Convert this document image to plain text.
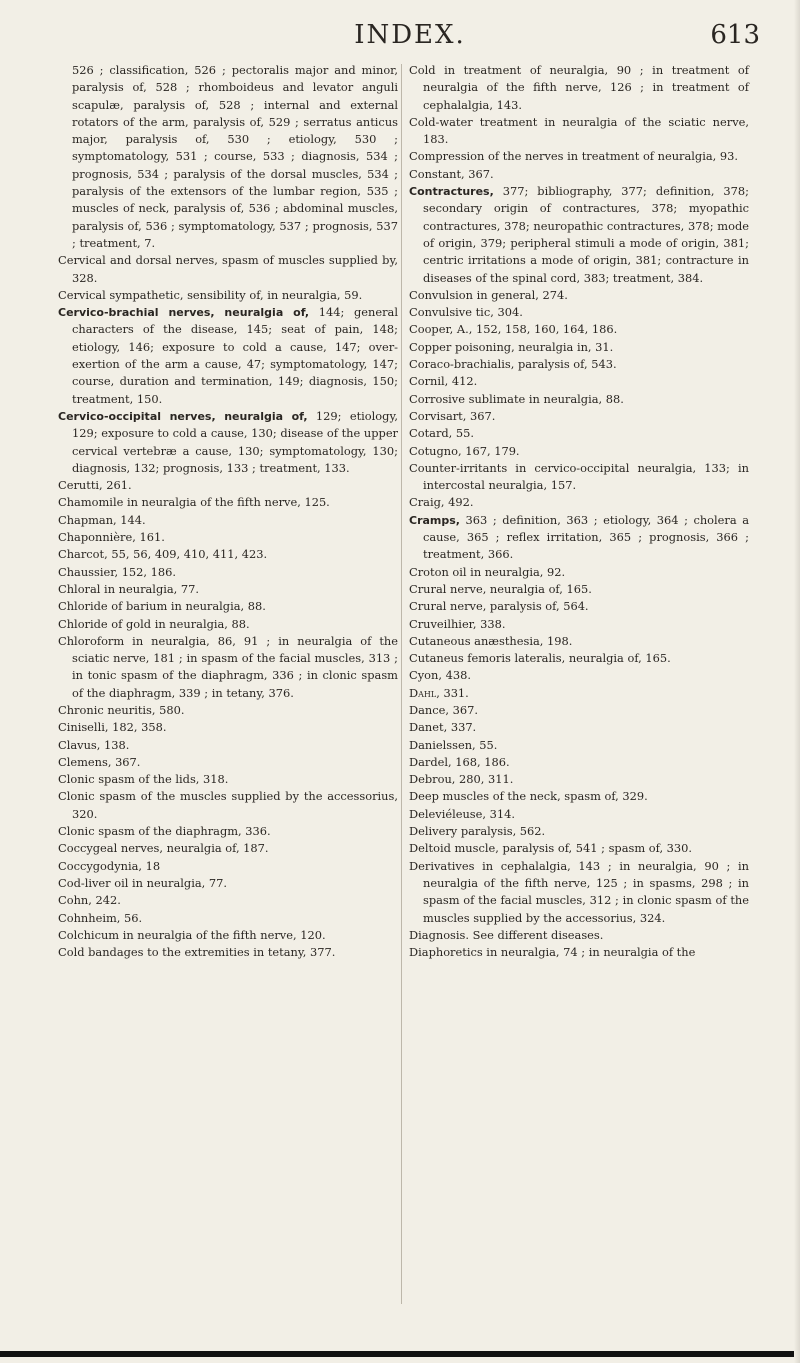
INDEX.	613

526 ; classification, 526 ; pectoralis major and minor, paralysis of, 528 ; rhomboideus and levator anguli scapulæ, paralysis of, 528 ; internal and external rotators of the arm, paralysis of, 529 ; serratus anticus major, paralysis of, 530 ; etiology, 530 ; symptomatology, 531 ; course, 533 ; diagnosis, 534 ; prognosis, 534 ; paralysis of the dorsal muscles, 534 ; paralysis of the extensors of the lumbar region, 535 ; muscles of neck, paralysis of, 536 ; abdominal muscles, paralysis of, 536 ; symptomatology, 537 ; prognosis, 537 ; treatment, 7.

Cervical and dorsal nerves, spasm of muscles supplied by, 328.

Cervical sympathetic, sensibility of, in neuralgia, 59.

Cervico-brachial nerves, neuralgia of, 144; general characters of the disease, 145; seat of pain, 148; etiology, 146; exposure to cold a cause, 147; over-exertion of the arm a cause, 47; symptomatology, 147; course, duration and termination, 149; diagnosis, 150; treatment, 150.

Cervico-occipital nerves, neuralgia of, 129; etiology, 129; exposure to cold a cause, 130; disease of the upper cervical vertebræ a cause, 130; symptomatology, 130; diagnosis, 132; prognosis, 133 ; treatment, 133.

Cerutti, 261.

Chamomile in neuralgia of the fifth nerve, 125.

Chapman, 144.

Chaponnière, 161.

Charcot, 55, 56, 409, 410, 411, 423.

Chaussier, 152, 186.

Chloral in neuralgia, 77.

Chloride of barium in neuralgia, 88.

Chloride of gold in neuralgia, 88.

Chloroform in neuralgia, 86, 91 ; in neuralgia of the sciatic nerve, 181 ; in spasm of the facial muscles, 313 ; in tonic spasm of the diaphragm, 336 ; in clonic spasm of the diaphragm, 339 ; in tetany, 376.

Chronic neuritis, 580.

Ciniselli, 182, 358.

Clavus, 138.

Clemens, 367.

Clonic spasm of the lids, 318.

Clonic spasm of the muscles supplied by the accessorius, 320.

Clonic spasm of the diaphragm, 336.

Coccygeal nerves, neuralgia of, 187.

Coccygodynia, 18

Cod-liver oil in neuralgia, 77.

Cohn, 242.

Cohnheim, 56.

Colchicum in neuralgia of the fifth nerve, 120.

Cold bandages to the extremities in tetany, 377.

Cold in treatment of neuralgia, 90 ; in treatment of neuralgia of the fifth nerve, 126 ; in treatment of cephalalgia, 143.

Cold-water treatment in neuralgia of the sciatic nerve, 183.

Compression of the nerves in treatment of neuralgia, 93.

Constant, 367.

Contractures, 377; bibliography, 377; definition, 378; secondary origin of contractures, 378; myopathic contractures, 378; neuropathic contractures, 378; mode of origin, 379; peripheral stimuli a mode of origin, 381; centric irritations a mode of origin, 381; contracture in diseases of the spinal cord, 383; treatment, 384.

Convulsion in general, 274.

Convulsive tic, 304.

Cooper, A., 152, 158, 160, 164, 186.

Copper poisoning, neuralgia in, 31.

Coraco-brachialis, paralysis of, 543.

Cornil, 412.

Corrosive sublimate in neuralgia, 88.

Corvisart, 367.

Cotard, 55.

Cotugno, 167, 179.

Counter-irritants in cervico-occipital neuralgia, 133; in intercostal neuralgia, 157.

Craig, 492.

Cramps, 363 ; definition, 363 ; etiology, 364 ; cholera a cause, 365 ; reflex irritation, 365 ; prognosis, 366 ; treatment, 366.

Croton oil in neuralgia, 92.

Crural nerve, neuralgia of, 165.

Crural nerve, paralysis of, 564.

Cruveilhier, 338.

Cutaneous anæsthesia, 198.

Cutaneus femoris lateralis, neuralgia of, 165.

Cyon, 438.

Dahl, 331.

Dance, 367.

Danet, 337.

Danielssen, 55.

Dardel, 168, 186.

Debrou, 280, 311.

Deep muscles of the neck, spasm of, 329.

Deleviéleuse, 314.

Delivery paralysis, 562.

Deltoid muscle, paralysis of, 541 ; spasm of, 330.

Derivatives in cephalalgia, 143 ; in neuralgia, 90 ; in neuralgia of the fifth nerve, 125 ; in spasms, 298 ; in spasm of the facial muscles, 312 ; in clonic spasm of the muscles supplied by the accessorius, 324.

Diagnosis. See different diseases.

Diaphoretics in neuralgia, 74 ; in neuralgia of the
